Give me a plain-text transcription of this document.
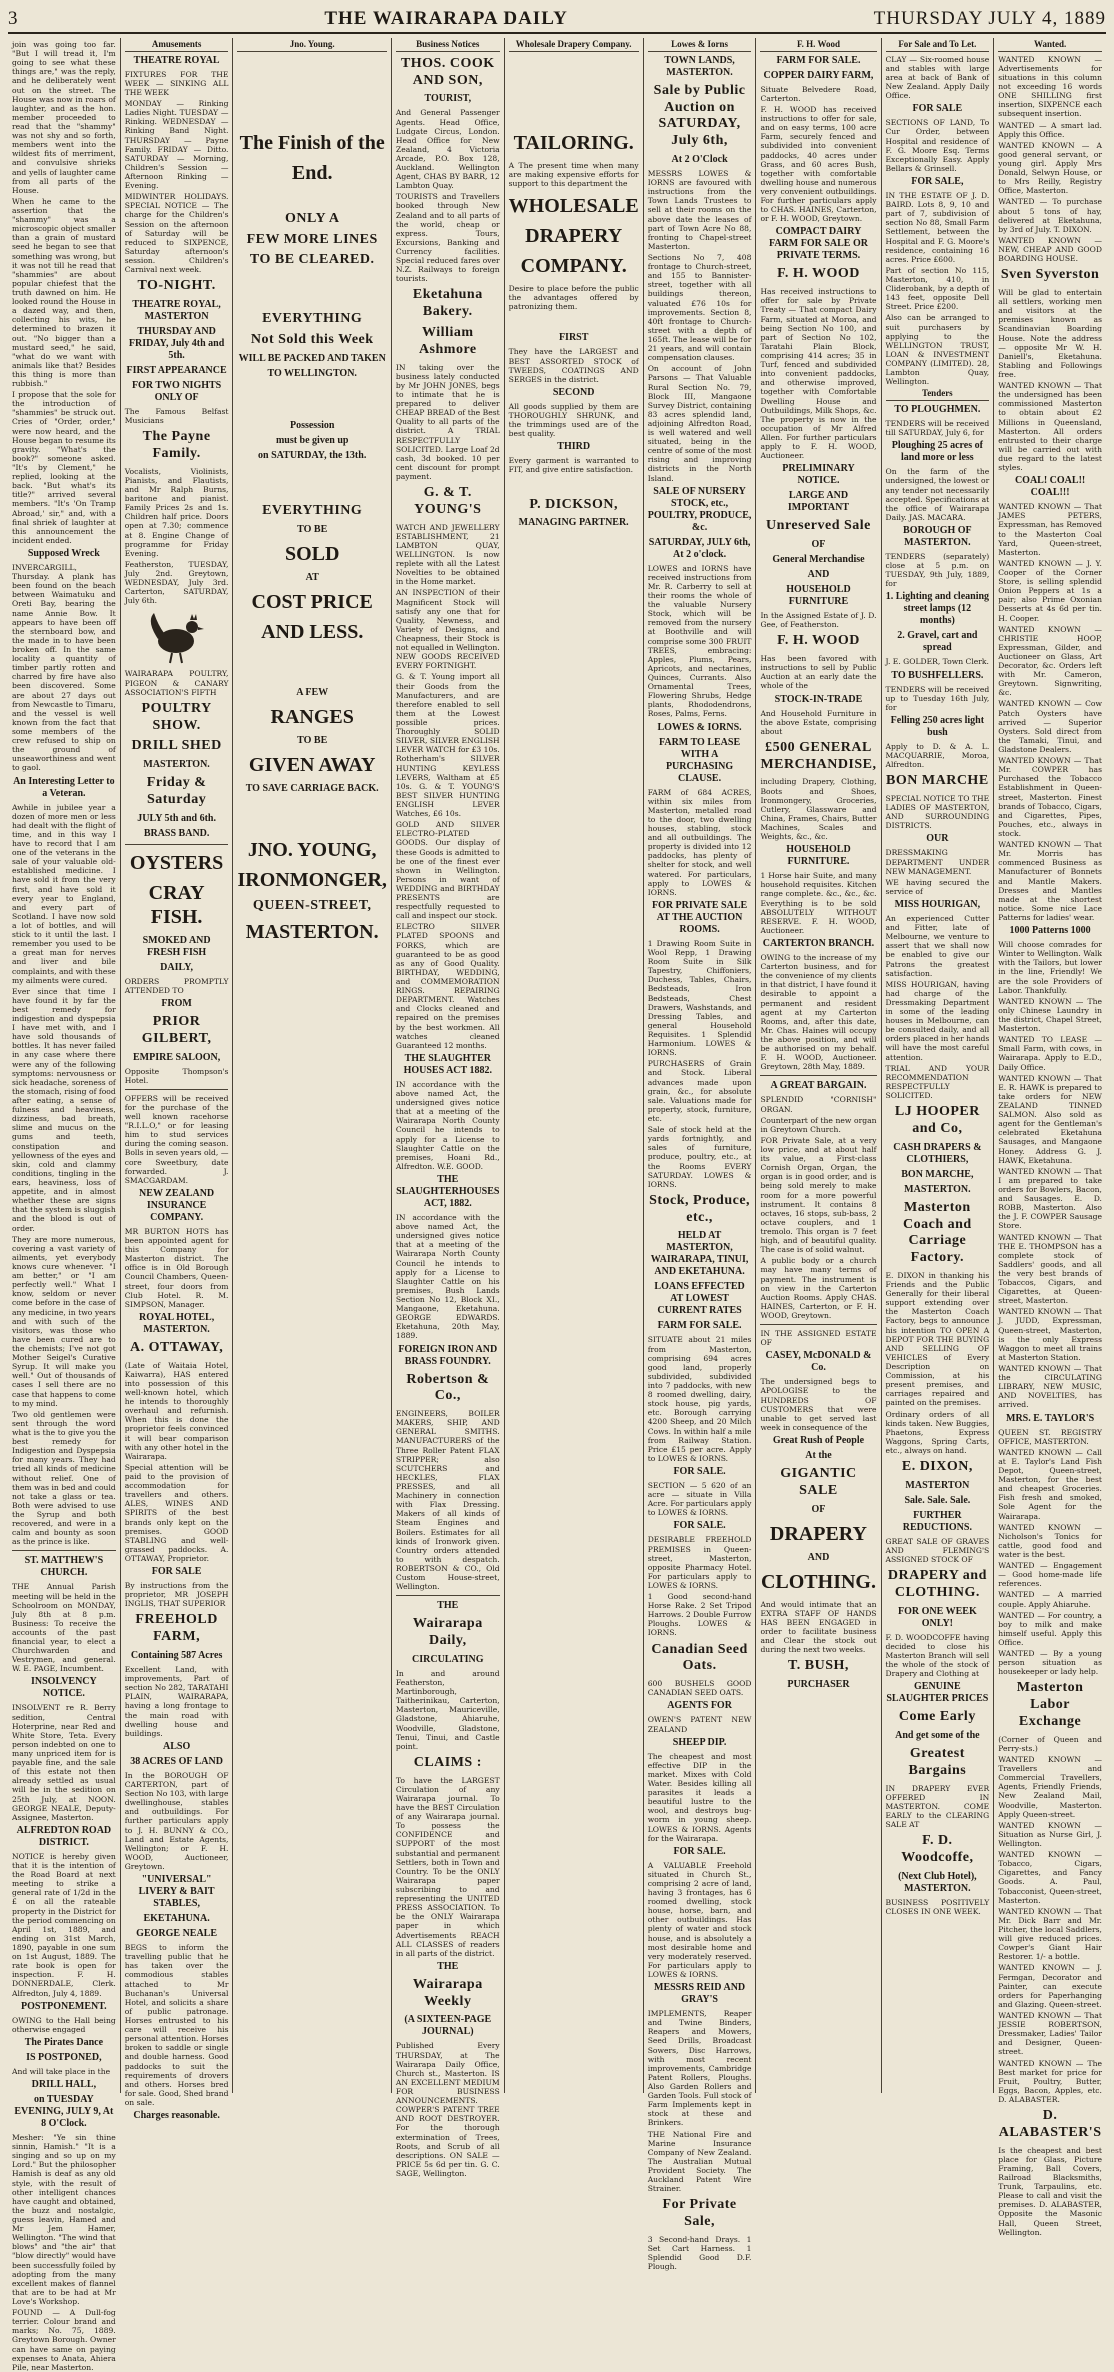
3	THE WAIRARAPA DAILY	THURSDAY JULY 4, 1889
join was going too far. "But I will tread it, I'm going to see what these things are," was the reply, and he deliberately went out on the street. The House was now in roars of laughter, and as the hon. member proceeded to read that the "shammy" was not shy and so forth, members went into the wildest fits of merriment, and convulsive shrieks and yells of laughter came from all parts of the House.
When he came to the assertion that the "shammy" was a microscopic object smaller than a grain of mustard seed he began to see that something was wrong, but it was not till he read that "shammies" are about popular chiefest that the truth dawned on him. He looked round the House in a dazed way, and then, collecting his wits, he determined to brazen it out. "No bigger than a mustard seed," he said, "what do we want with animals like that? Besides this thing is more than rubbish."
I propose that the sole for the introduction of "shammies" be struck out. Cries of "Order, order," were now heard, and the House began to resume its gravity. "What's the book?" someone asked. "It's by Clement," he replied, looking at the back. "But what's its title?" arrived several members. "It's 'On Tramp Abroad,' sir," and, with a final shriek of laughter at this announcement the incident ended.
Supposed Wreck
INVERCARGILL, Thursday. A plank has been found on the beach between Waimatuku and Oreti Bay, bearing the name Annie Bow. It appears to have been off the sternboard bow, and the made in to have been broken off. In the same locality a quantity of timber partly rotten and charred by fire have also been discovered. Some are about 27 days out from Newcastle to Timaru, and the vessel is well known from the fact that some members of the crew refused to ship on the ground of unseaworthiness and went to gaol.
An Interesting Letter to a Veteran.
Awhile in jubilee year a dozen of more men or less had dealt with the flight of time, and in this way I have to record that I am one of the veterans in the sale of your valuable old-established medicine. I have sold it from the very first, and have sold it every year to England, and every part of Scotland. I have now sold a lot of bottles, and will stick to it until the last. I remember you used to be a great man for nerves and liver and bile complaints, and with these my ailments were cured.
Ever since that time I have found it by far the best remedy for indigestion and dyspepsia I have met with, and I have sold thousands of bottles. It has never failed in any case where there were any of the following symptoms: nervousness or sick headache, soreness of the stomach, rising of food after eating, a sense of fulness and heaviness, dizziness, bad breath, slime and mucus on the gums and teeth, constipation and yellowness of the eyes and skin, cold and clammy conditions, tingling in the ears, heaviness, loss of appetite, and in almost whether these are signs that the system is sluggish and the blood is out of order.
They are more numerous, covering a vast variety of ailments, yet everybody knows cure whenever. "I am better," or "I am perfectly well." What I know, seldom or never come before in the case of any medicine, in two years and with such of the visitors, was those who have been cured are to the chemists; I've not got Mother Seigel's Curative Syrup. It will make you well." Out of thousands of cases I sell there are no case that happens to come to my mind.
Two old gentlemen were sent through the word what is the to give you the best remedy for Indigestion and Dyspepsia for many years. They had tried all kinds of medicine without relief. One of them was in bed and could not take a glass or tea. Both were advised to use the Syrup and both recovered, and were in a calm and bounty as soon as the prince is like.
ST. MATTHEW'S CHURCH.
THE Annual Parish meeting will be held in the Schoolroom on MONDAY, July 8th at 8 p.m. Business: To receive the accounts of the past financial year, to elect a Churchwarden and Vestrymen, and general. W. E. PAGE, Incumbent.
INSOLVENCY NOTICE.
INSOLVENT re R. Berry sedition, Central Hoterprine, near Red and White Store, Teta. Every person indebted on one to many unpriced item for is payable fine, and the sale of this estate not then already settled as usual will be in the sedition on 25th July, at NOON. GEORGE NEALE, Deputy-Assignee, Masterton.
ALFREDTON ROAD DISTRICT.
NOTICE is hereby given that it is the intention of the Road Board at next meeting to strike a general rate of 1/2d in the £ on all the rateable property in the District for the period commencing on April 1st, 1889, and ending on 31st March, 1890, payable in one sum on 1st August, 1889. The rate book is open for inspection. F. H. DONNERDALE, Clerk. Alfredton, July 4, 1889.
POSTPONEMENT.
OWING to the Hall being otherwise engaged
The Pirates Dance
IS POSTPONED,
And will take place in the
DRILL HALL,
on TUESDAY EVENING, JULY 9, At 8 O'Clock.
Mesher: "Ye sin thine sinnin, Hamish." "It is a singing and so up on my Lord." But the philosopher Hamish is deaf as any old style, with the result of other intelligent chances have caught and obtained, the buzz and nostalgic, guess leavin, Hamed and Mr Jem Hamer, Wellington. "The wind that blows" and "the air" that "blow directly" would have been successfully foiled by adopting from the many excellent makes of flannel that are to be had at Mr Love's Workshop.
FOUND — A Dull-fog terrier. Colour brand and marks; No. 75, 1889. Greytown Borough. Owner can have same on paying expenses to Anata, Ahiera Pile, near Masterton.
Amusements
THEATRE ROYAL
FIXTURES FOR THE WEEK — SINKING ALL THE WEEK
MONDAY — Rinking Ladies Night. TUESDAY — Rinking. WEDNESDAY — Rinking Band Night. THURSDAY — Payne Family. FRIDAY — Ditto. SATURDAY — Morning, Children's Session — Afternoon Rinking — Evening.
MIDWINTER HOLIDAYS. SPECIAL NOTICE — The charge for the Children's Session on the afternoon of Saturday will be reduced to SIXPENCE, Saturday afternoon's session. Children's Carnival next week.
TO-NIGHT.
THEATRE ROYAL, MASTERTON
THURSDAY AND FRIDAY, July 4th and 5th.
FIRST APPEARANCE
FOR TWO NIGHTS ONLY OF
The Famous Belfast Musicians
The Payne Family.
Vocalists, Violinists, Pianists, and Flautists, and Mr Ralph Burns, baritone and pianist. Family Prices 2s and 1s. Children half price. Doors open at 7.30; commence at 8. Engine Change of programme for Friday Evening.
Featherston, TUESDAY, July 2nd. Greytown, WEDNESDAY, July 3rd. Carterton, SATURDAY, July 6th.
WAIRARAPA POULTRY, PIGEON & CANARY ASSOCIATION'S FIFTH
POULTRY SHOW.
DRILL SHED
MASTERTON.
Friday & Saturday
JULY 5th and 6th.
BRASS BAND.
OYSTERS
CRAY FISH.
SMOKED AND FRESH FISH
DAILY,
ORDERS PROMPTLY ATTENDED TO
FROM
PRIOR GILBERT,
EMPIRE SALOON,
Opposite Thompson's Hotel.
OFFERS will be received for the purchase of the well known racehorse "R.I.L.O," or for leasing him to stud services during the coming season. Bolls in seven years old, — core Sweetbury, date forwarded. J. SMACGARDAM.
NEW ZEALAND INSURANCE COMPANY.
MR BURTON HOTS has been appointed agent for this Company for Masterton district. The office is in Old Borough Council Chambers, Queen-street, four doors from Club Hotel. R. M. SIMPSON, Manager.
ROYAL HOTEL, MASTERTON.
A. OTTAWAY,
(Late of Waitaia Hotel, Kaiwarra), HAS entered into possession of this well-known hotel, which he intends to thoroughly overhaul and refurnish. When this is done the proprietor feels convinced it will bear comparison with any other hotel in the Wairarapa.
Special attention will be paid to the provision of accommodation for travellers and others. ALES, WINES AND SPIRITS of the best brands only kept on the premises. GOOD STABLING and well-grassed paddocks. A. OTTAWAY, Proprietor.
FOR SALE
By instructions from the proprietor, MR JOSEPH INGLIS, THAT SUPERIOR
FREEHOLD FARM,
Containing 587 Acres
Excellent Land, with improvements, Part of section No 282, TARATAHI PLAIN, WAIRARAPA, having a long frontage to the main road with dwelling house and buildings.
ALSO
38 ACRES OF LAND
In the BOROUGH OF CARTERTON, part of Section No 103, with large dwellinghouse, stables and outbuildings. For further particulars apply to J. H. BUNNY & CO., Land and Estate Agents, Wellington; or F. H. WOOD, Auctioneer, Greytown.
"UNIVERSAL" LIVERY & BAIT STABLES,
EKETAHUNA.
GEORGE NEALE
BEGS to inform the travelling public that he has taken over the commodious stables attached to Mr Buchanan's Universal Hotel, and solicits a share of public patronage. Horses entrusted to his care will receive his personal attention. Horses broken to saddle or single and double harness. Good paddocks to suit the requirements of drovers and others. Horses bred for sale. Good, Shed brand on sale.
Charges reasonable.
Jno. Young.
The Finish of the
End.
ONLY A
FEW MORE LINES
TO BE CLEARED.
EVERYTHING
Not Sold this Week
WILL BE PACKED AND TAKEN
TO WELLINGTON.
Possession
must be given up
on SATURDAY, the 13th.
EVERYTHING
TO BE
SOLD
AT
COST PRICE
AND LESS.
A FEW
RANGES
TO BE
GIVEN AWAY
TO SAVE CARRIAGE BACK.
JNO. YOUNG,
IRONMONGER,
QUEEN-STREET,
MASTERTON.
Business Notices
THOS. COOK AND SON,
TOURIST,
And General Passenger Agents. Head Office, Ludgate Circus, London. Head Office for New Zealand, 4 Victoria Arcade, P.O. Box 128, Auckland. Wellington Agent, CHAS BY BARR, 12 Lambton Quay.
TOURISTS and Travellers booked through New Zealand and to all parts of the world, cheap or express. Tours, Excursions, Banking and Currency facilities. Special reduced fares over N.Z. Railways to foreign tourists.
Eketahuna Bakery.
William Ashmore
IN taking over the business lately conducted by Mr JOHN JONES, begs to intimate that he is prepared to deliver CHEAP BREAD of the Best Quality to all parts of the district. A TRIAL RESPECTFULLY SOLICITED. Large Loaf 2d cash, 3d booked. 10 per cent discount for prompt payment.
G. & T. YOUNG'S
WATCH AND JEWELLERY ESTABLISHMENT, 21 LAMBTON QUAY, WELLINGTON. Is now replete with all the Latest Novelties to be obtained in the Home market.
AN INSPECTION of their Magnificent Stock will satisfy any one that for Quality, Newness, and Variety of Designs, and Cheapness, their Stock is not equalled in Wellington. NEW GOODS RECEIVED EVERY FORTNIGHT.
G. & T. Young import all their Goods from the Manufacturers, and are therefore enabled to sell them at the Lowest possible prices. Thoroughly SOLID SILVER, SILVER ENGLISH LEVER WATCH for £3 10s. Rotherham's SILVER HUNTING KEYLESS LEVERS, Waltham at £5 10s. G. & T. YOUNG'S BEST SILVER HUNTING ENGLISH LEVER Watches, £6 10s.
GOLD AND SILVER ELECTRO-PLATED GOODS. Our display of these Goods is admitted to be one of the finest ever shown in Wellington. Persons in want of WEDDING and BIRTHDAY PRESENTS are respectfully requested to call and inspect our stock.
ELECTRO SILVER PLATED SPOONS and FORKS, which are guaranteed to be as good as any of Good Quality. BIRTHDAY, WEDDING, and COMMEMORATION RINGS. REPAIRING DEPARTMENT. Watches and Clocks cleaned and repaired on the premises by the best workmen. All watches cleaned Guaranteed 12 months.
THE SLAUGHTER HOUSES ACT 1882.
IN accordance with the above named Act, the undersigned gives notice that at a meeting of the Wairarapa North County Council he intends to apply for a License to Slaughter Cattle on the premises, Hoani Rd., Alfredton. W.E. GOOD.
THE SLAUGHTERHOUSES ACT, 1882.
IN accordance with the above named Act, the undersigned gives notice that at a meeting of the Wairarapa North County Council he intends to apply for a License to Slaughter Cattle on his premises, Bush Lands Section No 12, Block XI., Mangaone, Eketahuna. GEORGE EDWARDS. Eketahuna, 20th May, 1889.
FOREIGN IRON AND BRASS FOUNDRY.
Robertson & Co.,
ENGINEERS, BOILER MAKERS, SHIP, AND GENERAL SMITHS. MANUFACTURERS of the Three Roller Patent FLAX STRIPPER; also SCUTCHERS and HECKLES, FLAX PRESSES, and all Machinery in connection with Flax Dressing. Makers of all kinds of Steam Engines and Boilers. Estimates for all kinds of Ironwork given. Country orders attended to with despatch. ROBERTSON & CO., Old Custom House-street, Wellington.
THE
Wairarapa Daily,
CIRCULATING
In and around Featherston, Martinborough, Taitherinikau, Carterton, Masterton, Mauriceville, Gladstone, Ahiaruhe, Woodville, Gladstone, Tenui, Tinui, and Castle point.
CLAIMS :
To have the LARGEST Circulation of any Wairarapa journal. To have the BEST Circulation of any Wairarapa journal. To possess the CONFIDENCE and SUPPORT of the most substantial and permanent Settlers, both in Town and Country. To be the ONLY Wairarapa paper subscribing to and representing the UNITED PRESS ASSOCIATION. To be the ONLY Wairarapa paper in which Advertisements REACH ALL CLASSES of readers in all parts of the district.
THE
Wairarapa Weekly
(A SIXTEEN-PAGE JOURNAL)
Published Every THURSDAY, at The Wairarapa Daily Office, Church st., Masterton. IS AN EXCELLENT MEDIUM FOR BUSINESS ANNOUNCEMENTS. COWPER'S PATENT TREE AND ROOT DESTROYER. For the thorough extermination of Trees, Roots, and Scrub of all descriptions. ON SALE — PRICE 5s 6d per tin. G. C. SAGE, Wellington.
Wholesale Drapery Company.
TAILORING.
A The present time when many are making expensive efforts for support to this department the
WHOLESALE
DRAPERY
COMPANY.
Desire to place before the public the advantages offered by patronizing them.
FIRST
They have the LARGEST and BEST ASSORTED STOCK of TWEEDS, COATINGS AND SERGES in the district.
SECOND
All goods supplied by them are THOROUGHLY SHRUNK, and the trimmings used are of the best quality.
THIRD
Every garment is warranted to FIT, and give entire satisfaction.
P. DICKSON,
MANAGING PARTNER.
Lowes & Iorns
TOWN LANDS, MASTERTON.
Sale by Public Auction on SATURDAY, July 6th,
At 2 O'Clock
MESSRS LOWES & IORNS are favoured with instructions from the Town Lands Trustees to sell at their rooms on the above date the leases of part of Town Acre No 88, fronting to Chapel-street Masterton.
Sections No 7, 408 frontage to Church-street, and 155 to Bannister-street, together with all buildings thereon, valuated £76 10s for improvements. Section 8, 40ft frontage to Church-street with a depth of 165ft. The lease will be for 21 years, and will contain compensation clauses.
On account of John Parsons — That Valuable Rural Section No. 79, Block III, Mangaone Survey District, containing 83 acres splendid land, adjoining Alfredton Road, is well watered and well situated, being in the centre of some of the most rising and improving districts in the North Island.
SALE OF NURSERY STOCK, etc., POULTRY, PRODUCE, &c.
SATURDAY, JULY 6th, At 2 o'clock.
LOWES and IORNS have received instructions from Mr. R. Carberry to sell at their rooms the whole of the valuable Nursery Stock, which will be removed from the nursery at Boothville and will comprise some 300 FRUIT TREES, embracing: Apples, Plums, Pears, Apricots, and nectarines, Quinces, Currants. Also Ornamental Trees, Flowering Shrubs, Hedge plants, Rhododendrons, Roses, Palms, Ferns.
LOWES & IORNS.
FARM TO LEASE WITH A PURCHASING CLAUSE.
FARM of 684 ACRES, within six miles from Masterton, metalled road to the door, two dwelling houses, stabling, stock and all outbuildings. The property is divided into 12 paddocks, has plenty of shelter for stock, and well watered. For particulars, apply to LOWES & IORNS.
FOR PRIVATE SALE AT THE AUCTION ROOMS.
1 Drawing Room Suite in Wool Repp, 1 Drawing Room Suite in Silk Tapestry, Chiffoniers, Duchess, Tables, Chairs, Bedsteads, Iron Bedsteads, Chest Drawers, Washstands, and Dressing Tables, and general Household Requisites. 1 Splendid Harmonium. LOWES & IORNS.
PURCHASERS of Grain and Stock. Liberal advances made upon grain, &c., for absolute sale. Valuations made for property, stock, furniture, etc.
Sale of stock held at the yards fortnightly, and sales of furniture, produce, poultry, etc., at the Rooms EVERY SATURDAY. LOWES & IORNS.
Stock, Produce, etc.,
HELD AT MASTERTON, WAIRARAPA, TINUI, AND EKETAHUNA.
LOANS EFFECTED AT LOWEST CURRENT RATES
FARM FOR SALE.
SITUATE about 21 miles from Masterton, comprising 694 acres good land, properly subdivided, subdivided into 7 paddocks, with new 8 roomed dwelling, dairy, stock house, pig yards, etc. Borough carrying 4200 Sheep, and 20 Milch Cows. In within half a mile from Railway Station. Price £15 per acre. Apply to LOWES & IORNS.
FOR SALE.
SECTION — 5 620 of an acre — situate in Villa Acre. For particulars apply to LOWES & IORNS.
FOR SALE.
DESIRABLE FREEHOLD PREMISES in Queen-street, Masterton, opposite Pharmacy Hotel. For particulars apply to LOWES & IORNS.
1 Good second-hand Horse Rake. 2 Set Tripod Harrows. 2 Double Furrow Ploughs. LOWES & IORNS.
Canadian Seed Oats.
600 BUSHELS GOOD CANADIAN SEED OATS.
AGENTS FOR
OWEN'S PATENT NEW ZEALAND
SHEEP DIP.
The cheapest and most effective DIP in the market. Mixes with Cold Water. Besides killing all parasites it leads a beautiful lustre to the wool, and destroys bug-worm in young sheep. LOWES & IORNS. Agents for the Wairarapa.
FOR SALE.
A VALUABLE Freehold situated in Church St., comprising 2 acre of land, having 3 frontages, has 6 roomed dwelling, stock house, horse, barn, and other outbuildings. Has plenty of water and stock house, and is absolutely a most desirable home and very moderately reserved. For particulars apply to LOWES & IORNS.
MESSRS REID AND GRAY'S
IMPLEMENTS, Reaper and Twine Binders, Reapers and Mowers, Seed Drills, Broadcast Sowers, Disc Harrows, with most recent improvements, Cambridge Patent Rollers, Ploughs. Also Garden Rollers and Garden Tools. Full stock of Farm Implements kept in stock at these and Brinkers.
THE National Fire and Marine Insurance Company of New Zealand. The Australian Mutual Provident Society. The Auckland Patent Wire Strainer.
For Private Sale,
3 Second-hand Drays. 1 Set Cart Harness. 1 Splendid Good D.F. Plough.
F. H. Wood
FARM FOR SALE.
COPPER DAIRY FARM,
Situate Belvedere Road, Carterton.
F. H. WOOD has received instructions to offer for sale, and on easy terms, 100 acre Farm, securely fenced and subdivided into convenient paddocks, 40 acres under Grass, and 60 acres Bush, together with comfortable dwelling house and numerous very convenient outbuildings. For further particulars apply to CHAS. HAINES, Carterton, or F. H. WOOD, Greytown.
COMPACT DAIRY FARM FOR SALE OR PRIVATE TERMS.
F. H. WOOD
Has received instructions to offer for sale by Private Treaty — That compact Dairy Farm, situated at Moroa, and being Section No 100, and part of Section No 102, Taratahi Plain Block, comprising 414 acres; 35 in Turf, fenced and subdivided into convenient paddocks, and otherwise improved, together with Comfortable Dwelling House and Outbuildings, Milk Shops, &c. The property is now in the occupation of Mr Alfred Allen. For further particulars apply to F. H. WOOD, Auctioneer.
PRELIMINARY NOTICE.
LARGE AND IMPORTANT
Unreserved Sale
OF
General Merchandise
AND
HOUSEHOLD FURNITURE
In the Assigned Estate of J. D. Gee, of Featherston.
F. H. WOOD
Has been favored with instructions to sell by Public Auction at an early date the whole of the
STOCK-IN-TRADE
And Household Furniture in the above Estate, comprising about
£500 GENERAL MERCHANDISE,
including Drapery, Clothing, Boots and Shoes, Ironmongery, Groceries, Cutlery, Glassware and China, Frames, Chairs, Butter Machines, Scales and Weights, &c., &c.
HOUSEHOLD FURNITURE.
1 Horse hair Suite, and many household requisites. Kitchen range complete. &c., &c., &c. Everything is to be sold ABSOLUTELY WITHOUT RESERVE. F. H. WOOD, Auctioneer.
CARTERTON BRANCH.
OWING to the increase of my Carterton business, and for the convenience of my clients in that district, I have found it desirable to appoint a permanent and resident agent at my Carterton Rooms, and, after this date, Mr. Chas. Haines will occupy the above position, and will be authorised on my behalf. F. H. WOOD, Auctioneer. Greytown, 28th May, 1889.
A GREAT BARGAIN.
SPLENDID "CORNISH" ORGAN.
Counterpart of the new organ in Greytown Church.
FOR Private Sale, at a very low price, and at about half its value, a First-class Cornish Organ, Organ, the organ is in good order, and is being sold merely to make room for a more powerful instrument. It contains 8 octaves, 16 stops, sub-bass, 2 octave couplers, and 1 tremolo. This organ is 7 feet high, and of beautiful quality. The case is of solid walnut.
A public body or a church may have many terms of payment. The instrument is on view in the Carterton Auction Rooms. Apply CHAS. HAINES, Carterton, or F. H. WOOD, Greytown.
IN THE ASSIGNED ESTATE OF
CASEY, McDONALD & Co.
The undersigned begs to APOLOGISE to the HUNDREDS OF CUSTOMERS that were unable to get served last week in consequence of the
Great Rush of People
At the
GIGANTIC SALE
OF
DRAPERY
AND
CLOTHING.
And would intimate that an EXTRA STAFF OF HANDS HAS BEEN ENGAGED in order to facilitate business and Clear the stock out during the next two weeks.
T. BUSH,
PURCHASER
For Sale and To Let.
CLAY — Six-roomed house and stables with large area at back of Bank of New Zealand. Apply Daily Office.
FOR SALE
SECTIONS OF LAND, To Cur Order, between Hospital and residence of F. G. Moore Esq. Terms Exceptionally Easy. Apply Bellars & Grinsell.
FOR SALE,
IN THE ESTATE OF J. D. BAIRD. Lots 8, 9, 10 and part of 7, subdivision of section No 88, Small Farm Settlement, between the Hospital and F. G. Moore's residence, containing 16 acres. Price £600.
Part of section No 115, Masterton, 410, in Cliderobank, by a depth of 143 feet, opposite Dell Street. Price £200.
Also can be arranged to suit purchasers by applying to the WELLINGTON TRUST, LOAN & INVESTMENT COMPANY (LIMITED). 28, Lambton Quay, Wellington.
Tenders
TO PLOUGHMEN.
TENDERS will be received till SATURDAY, July 6, for
Ploughing 25 acres of land more or less
On the farm of the undersigned, the lowest or any tender not necessarily accepted. Specifications at the office of Wairarapa Daily. JAS. MACARA.
BOROUGH OF MASTERTON.
TENDERS (separately) close at 5 p.m. on TUESDAY, 9th July, 1889, for
1. Lighting and cleaning street lamps (12 months)
2. Gravel, cart and spread
J. E. GOLDER, Town Clerk.
TO BUSHFELLERS.
TENDERS will be received up to Tuesday 16th July, for
Felling 250 acres light bush
Apply to D. & A. L. MACQUARRIE, Moroa, Alfredton.
BON MARCHE
SPECIAL NOTICE TO THE LADIES OF MASTERTON, AND SURROUNDING DISTRICTS.
OUR
DRESSMAKING DEPARTMENT UNDER NEW MANAGEMENT.
WE having secured the service of
MISS HOURIGAN,
An experienced Cutter and Fitter, late of Melbourne, we venture to assert that we shall now be enabled to give our Patrons the greatest satisfaction.
MISS HOURIGAN, having had charge of the Dressmaking Department in some of the leading houses in Melbourne, can be consulted daily, and all orders placed in her hands will have the most careful attention.
TRIAL AND YOUR RECOMMENDATION RESPECTFULLY SOLICITED.
LJ HOOPER and Co,
CASH DRAPERS & CLOTHIERS,
BON MARCHE,
MASTERTON.
Masterton Coach and Carriage Factory.
E. DIXON in thanking his Friends and the Public Generally for their liberal support extending over the Masterton Coach Factory, begs to announce his intention TO OPEN A DEPOT FOR THE BUYING AND SELLING OF VEHICLES of Every Description on Commission, at his present premises, and carriages repaired and painted on the premises.
Ordinary orders of all kinds taken. New Buggies, Phaetons, Express Waggons, Spring Carts, etc., always on hand.
E. DIXON,
MASTERTON
Sale. Sale. Sale.
FURTHER REDUCTIONS.
GREAT SALE OF GRAVES AND FLEMING'S ASSIGNED STOCK OF
DRAPERY and CLOTHING.
FOR ONE WEEK ONLY!
F. D. WOODCOFFE having decided to close his Masterton Branch will sell the whole of the stock of Drapery and Clothing at
GENUINE SLAUGHTER PRICES
Come Early
And get some of the
Greatest Bargains
IN DRAPERY EVER OFFERED IN MASTERTON. COME EARLY to the CLEARING SALE AT
F. D. Woodcoffe,
(Next Club Hotel), MASTERTON.
BUSINESS POSITIVELY CLOSES IN ONE WEEK.
Wanted.
WANTED KNOWN — Advertisements for situations in this column not exceeding 16 words ONE SHILLING first insertion, SIXPENCE each subsequent insertion.
WANTED — A smart lad. Apply this Office.
WANTED KNOWN — A good general servant, or young girl. Apply Mrs Donald, Selwyn House, or to Mrs Reilly, Registry Office, Masterton.
WANTED — To purchase about 5 tons of hay, delivered at Eketahuna, by 3rd of July. T. DIXON.
WANTED KNOWN — NEW, CHEAP AND GOOD BOARDING HOUSE.
Sven Syverston
Will be glad to entertain all settlers, working men and visitors at the premises known as Scandinavian Boarding House. Note the address — opposite Mr W. H. Daniell's, Eketahuna. Stabling and Followings free.
WANTED KNOWN — That the undersigned has been commissioned Masterton to obtain about £2 Millions in Queensland, Masterton. All orders entrusted to their charge will be carried out with due regard to the latest styles.
COAL! COAL!! COAL!!!
WANTED KNOWN — That JAMES PETERS, Expressman, has Removed to the Masterton Coal Yard, Queen-street, Masterton.
WANTED KNOWN — J. Y. Cooper of the Corner Store, is selling splendid Onion Peppers at 1s a pair; also Prime Oxonian Desserts at 4s 6d per tin. H. Cooper.
WANTED KNOWN — CHRISTIE HOOP, Expressman, Gilder, and Auctioneer on Glass, Art Decorator, &c. Orders left with Mr. Cameron, Greytown. Signwriting, &c.
WANTED KNOWN — Cow Patch Oysters have arrived — Superior Oysters. Sold direct from the Tamaki, Tinui, and Gladstone Dealers.
WANTED KNOWN — That Mr. COWPER has Purchased the Tobacco Establishment in Queen-street, Masterton. Finest brands of Tobacco, Cigars, and Cigarettes, Pipes, Pouches, etc., always in stock.
WANTED KNOWN — That Mr. Morris has commenced Business as Manufacturer of Bonnets and Mantle Makers. Dresses and Mantles made at the shortest notice. Some nice Lace Patterns for ladies' wear.
1000 Patterns 1000
Will choose comrades for Winter to Wellington. Walk with the Tailors, but lower in the line, Friendly! We are the sole Providers of Labor. Thankfully.
WANTED KNOWN — The only Chinese Laundry in the district, Chapel Street, Masterton.
WANTED TO LEASE — Small Farm, with cows, in Wairarapa. Apply to E.D., Daily Office.
WANTED KNOWN — That E. R. HAWK is prepared to take orders for NEW ZEALAND TINNED SALMON. Also sold as agent for the Gentleman's celebrated Eketahuna Sausages, and Mangaone Honey. Address G. J. HAWK, Eketahuna.
WANTED KNOWN — That I am prepared to take orders for Bowlers, Bacon, and Sausages. E. D. ROBB, Masterton. Also the J. F. COWPER Sausage Store.
WANTED KNOWN — That THE E. THOMPSON has a complete stock of Saddlers' goods, and all the very best brands of Tobaccos, Cigars, and Cigarettes, at Queen-street, Masterton.
WANTED KNOWN — That J. JUDD, Expressman, Queen-street, Masterton, is the only Express Waggon to meet all trains at Masterton Station.
WANTED KNOWN — That the CIRCULATING LIBRARY, NEW MUSIC, AND NOVELTIES, has arrived.
MRS. E. TAYLOR'S
QUEEN ST. REGISTRY OFFICE, MASTERTON.
WANTED KNOWN — Call at E. Taylor's Land Fish Depot, Queen-street, Masterton, for the best and cheapest Groceries. Fish fresh and smoked, Sole Agent for the Wairarapa.
WANTED KNOWN — Nicholson's Tonics for cattle, good food and water is the best.
WANTED — Engagement — Good home-made life references.
WANTED — A married couple. Apply Ahiaruhe.
WANTED — For country, a boy to milk and make himself useful. Apply this Office.
WANTED — By a young person situation as housekeeper or lady help.
Masterton Labor Exchange
(Corner of Queen and Perry-sts.)
WANTED KNOWN — Travellers and Commercial Travellers, Agents, Friendly Friends, New Zealand Mail, Woodville, Masterton. Apply Queen-street.
WANTED KNOWN — Situation as Nurse Girl, J. Wellington.
WANTED KNOWN — Tobacco, Cigars, Cigarettes, and Fancy Goods. A. Paul, Tobacconist, Queen-street, Masterton.
WANTED KNOWN — That Mr. Dick Barr and Mr. Pitcher, the local Saddlers, will give reduced prices. Cowper's Giant Hair Restorer. 1/- a bottle.
WANTED KNOWN — J. Fermgan, Decorator and Painter, can execute orders for Paperhanging and Glazing. Queen-street.
WANTED KNOWN — That JESSIE ROBERTSON, Dressmaker, Ladies' Tailor and Designer, Queen-street.
WANTED KNOWN — The Best market for price for Fruit, Poultry, Butter, Eggs, Bacon, Apples, etc. D. ALABASTER.
D. ALABASTER'S
Is the cheapest and best place for Glass, Picture Framing, Ball Covers, Railroad Blacksmiths, Trunk, Tarpaulins, etc. Please to call and visit the premises. D. ALABASTER, Opposite the Masonic Hall, Queen Street, Wellington.
